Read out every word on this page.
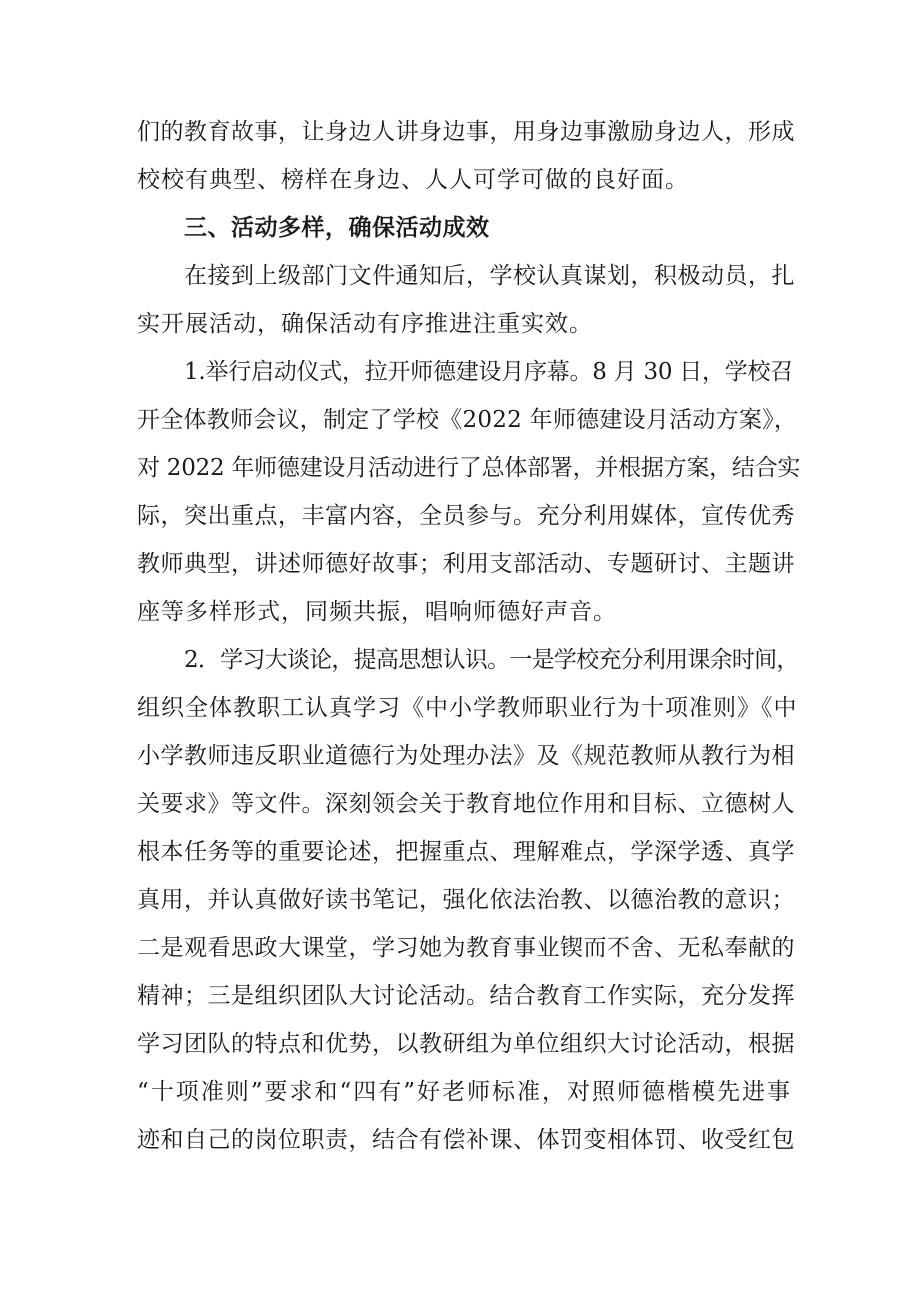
们的教育故事，让身边人讲身边事，用身边事激励身边人，形成
校校有典型、榜样在身边、人人可学可做的良好面。
三、活动多样，确保活动成效
在接到上级部门文件通知后，学校认真谋划，积极动员，扎
实开展活动，确保活动有序推进注重实效。
1.举行启动仪式，拉开师德建设月序幕。8 月 30 日，学校召
开全体教师会议，制定了学校《2022 年师德建设月活动方案》，
对 2022 年师德建设月活动进行了总体部署，并根据方案，结合实
际，突出重点，丰富内容，全员参与。充分利用媒体，宣传优秀
教师典型，讲述师德好故事；利用支部活动、专题研讨、主题讲
座等多样形式，同频共振，唱响师德好声音。
2．学习大谈论，提高思想认识。一是学校充分利用课余时间，
组织全体教职工认真学习《中小学教师职业行为十项准则》《中
小学教师违反职业道德行为处理办法》及《规范教师从教行为相
关要求》等文件。深刻领会关于教育地位作用和目标、立德树人
根本任务等的重要论述，把握重点、理解难点，学深学透、真学
真用，并认真做好读书笔记，强化依法治教、以德治教的意识；
二是观看思政大课堂，学习她为教育事业锲而不舍、无私奉献的
精神；三是组织团队大讨论活动。结合教育工作实际，充分发挥
学习团队的特点和优势，以教研组为单位组织大讨论活动，根据
“十项准则”要求和“四有”好老师标准，对照师德楷模先进事
迹和自己的岗位职责，结合有偿补课、体罚变相体罚、收受红包
